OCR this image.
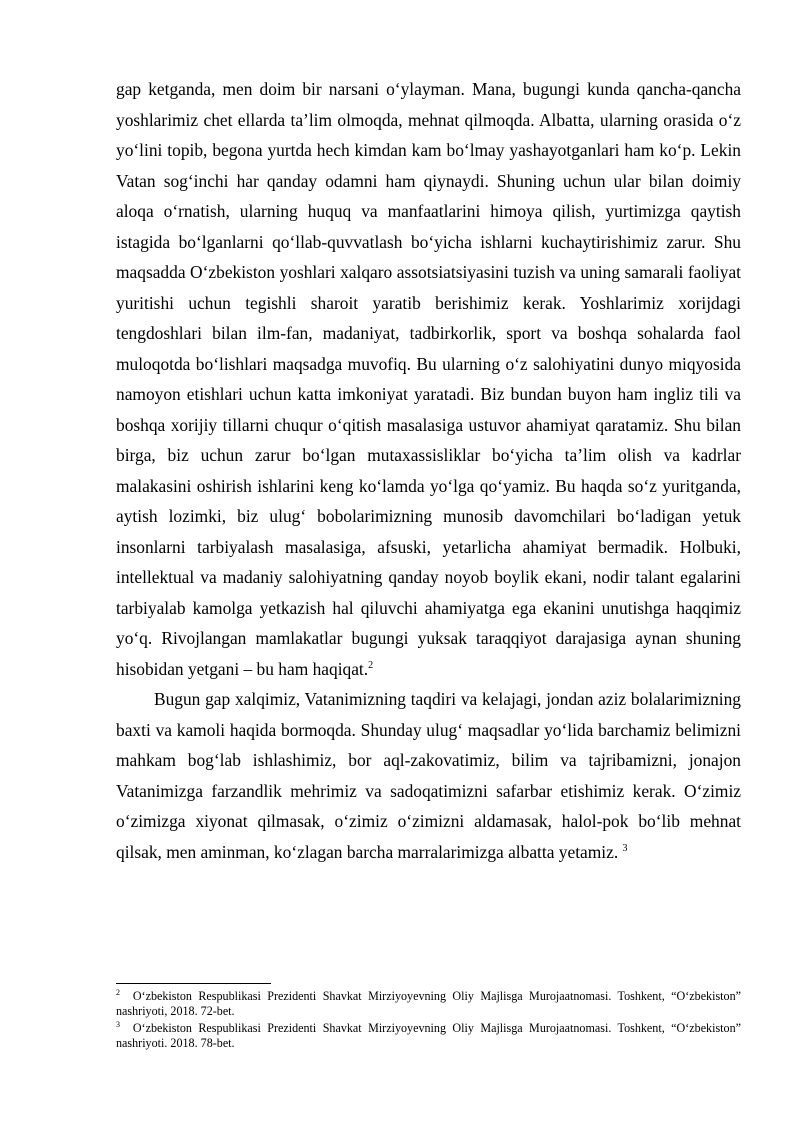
gap ketganda, men doim bir narsani o‘ylayman. Mana, bugungi kunda qancha-qancha yoshlarimiz chet ellarda ta’lim olmoqda, mehnat qilmoqda. Albatta, ularning orasida o‘z yo‘lini topib, begona yurtda hech kimdan kam bo‘lmay yashayotganlari ham ko‘p. Lekin Vatan sog‘inchi har qanday odamni ham qiynaydi. Shuning uchun ular bilan doimiy aloqa o‘rnatish, ularning huquq va manfaatlarini himoya qilish, yurtimizga qaytish istagida bo‘lganlarni qo‘llab-quvvatlash bo‘yicha ishlarni kuchaytirishimiz zarur. Shu maqsadda O‘zbekiston yoshlari xalqaro assotsiatsiyasini tuzish va uning samarali faoliyat yuritishi uchun tegishli sharoit yaratib berishimiz kerak. Yoshlarimiz xorijdagi tengdoshlari bilan ilm-fan, madaniyat, tadbirkorlik, sport va boshqa sohalarda faol muloqotda bo‘lishlari maqsadga muvofiq. Bu ularning o‘z salohiyatini dunyo miqyosida namoyon etishlari uchun katta imkoniyat yaratadi. Biz bundan buyon ham ingliz tili va boshqa xorijiy tillarni chuqur o‘qitish masalasiga ustuvor ahamiyat qaratamiz. Shu bilan birga, biz uchun zarur bo‘lgan mutaxassisliklar bo‘yicha ta’lim olish va kadrlar malakasini oshirish ishlarini keng ko‘lamda yo‘lga qo‘yamiz. Bu haqda so‘z yuritganda, aytish lozimki, biz ulug‘ bobolarimizning munosib davomchilari bo‘ladigan yetuk insonlarni tarbiyalash masalasiga, afsuski, yetarlicha ahamiyat bermadik. Holbuki, intellektual va madaniy salohiyatning qanday noyob boylik ekani, nodir talant egalarini tarbiyalab kamolga yetkazish hal qiluvchi ahamiyatga ega ekanini unutishga haqqimiz yo‘q. Rivojlangan mamlakatlar bugungi yuksak taraqqiyot darajasiga aynan shuning hisobidan yetgani – bu ham haqiqat.$^2$

Bugun gap xalqimiz, Vatanimizning taqdiri va kelajagi, jondan aziz bolalarimizning baxti va kamoli haqida bormoqda. Shunday ulug‘ maqsadlar yo‘lida barchamiz belimizni mahkam bog‘lab ishlashimiz, bor aql-zakovatimiz, bilim va tajribamizni, jonajon Vatanimizga farzandlik mehrimiz va sadoqatimizni safarbar etishimiz kerak. O‘zimiz o‘zimizga xiyonat qilmasak, o‘zimiz o‘zimizni aldamasak, halol-pok bo‘lib mehnat qilsak, men aminman, ko‘zlagan barcha marralarimizga albatta yetamiz. $^3$

$^2$ O‘zbekiston Respublikasi Prezidenti Shavkat Mirziyoyevning Oliy Majlisga Murojaatnomasi. Toshkent, “O‘zbekiston” nashriyoti, 2018. 72-bet.
$^3$ O‘zbekiston Respublikasi Prezidenti Shavkat Mirziyoyevning Oliy Majlisga Murojaatnomasi. Toshkent, “O‘zbekiston” nashriyoti. 2018. 78-bet.
